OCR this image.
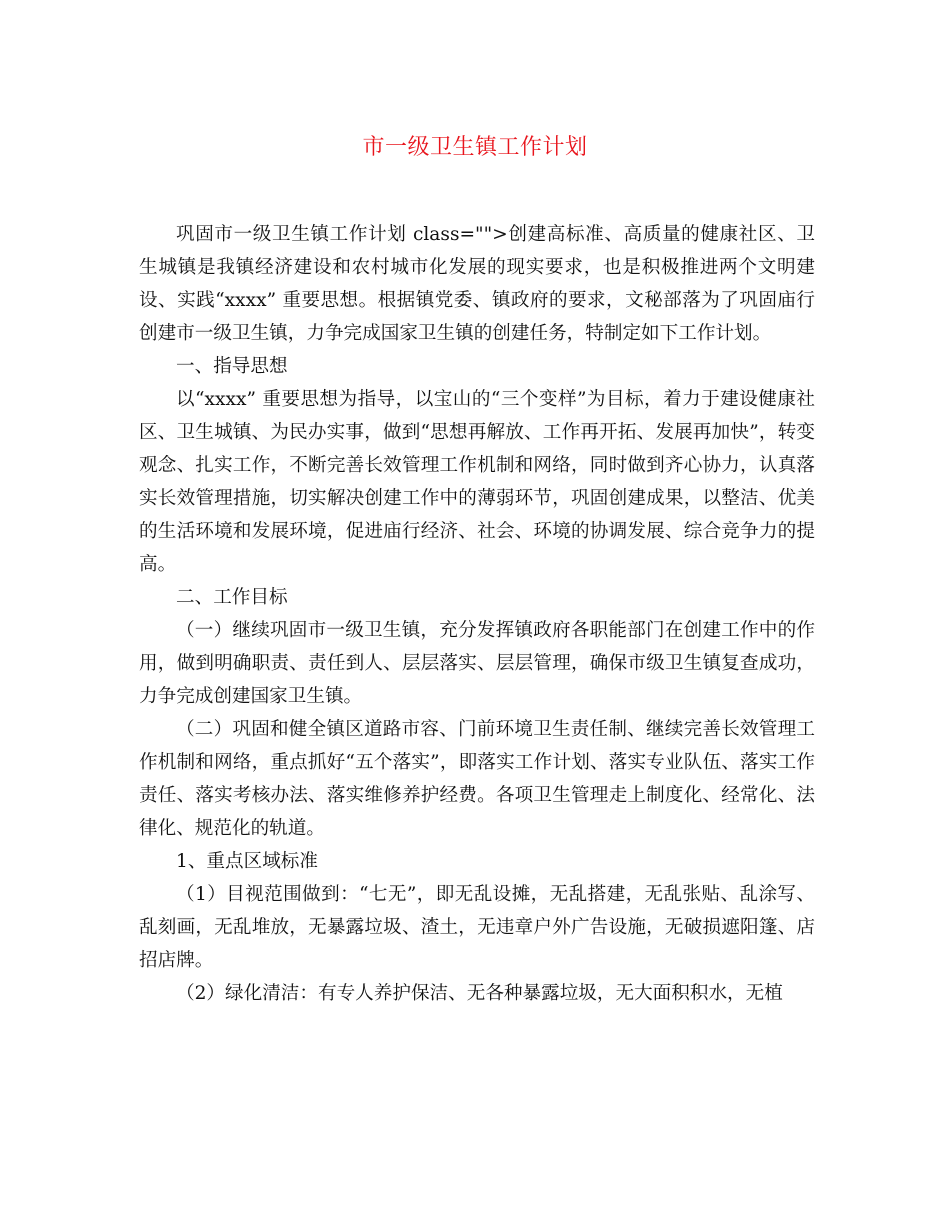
市一级卫生镇工作计划

巩固市一级卫生镇工作计划 class="">创建高标准、高质量的健康社区、卫生城镇是我镇经济建设和农村城市化发展的现实要求，也是积极推进两个文明建设、实践“xxxx” 重要思想。根据镇党委、镇政府的要求，文秘部落为了巩固庙行创建市一级卫生镇，力争完成国家卫生镇的创建任务，特制定如下工作计划。

一、指导思想

以“xxxx” 重要思想为指导，以宝山的“三个变样”为目标，着力于建设健康社区、卫生城镇、为民办实事，做到“思想再解放、工作再开拓、发展再加快”，转变观念、扎实工作，不断完善长效管理工作机制和网络，同时做到齐心协力，认真落实长效管理措施，切实解决创建工作中的薄弱环节，巩固创建成果，以整洁、优美的生活环境和发展环境，促进庙行经济、社会、环境的协调发展、综合竞争力的提高。

二、工作目标

（一）继续巩固市一级卫生镇，充分发挥镇政府各职能部门在创建工作中的作用，做到明确职责、责任到人、层层落实、层层管理，确保市级卫生镇复查成功，力争完成创建国家卫生镇。

（二）巩固和健全镇区道路市容、门前环境卫生责任制、继续完善长效管理工作机制和网络，重点抓好“五个落实”，即落实工作计划、落实专业队伍、落实工作责任、落实考核办法、落实维修养护经费。各项卫生管理走上制度化、经常化、法律化、规范化的轨道。

1、重点区域标准

（1）目视范围做到：“七无”，即无乱设摊，无乱搭建，无乱张贴、乱涂写、乱刻画，无乱堆放，无暴露垃圾、渣土，无违章户外广告设施，无破损遮阳篷、店招店牌。

（2）绿化清洁：有专人养护保洁、无各种暴露垃圾，无大面积积水，无植
